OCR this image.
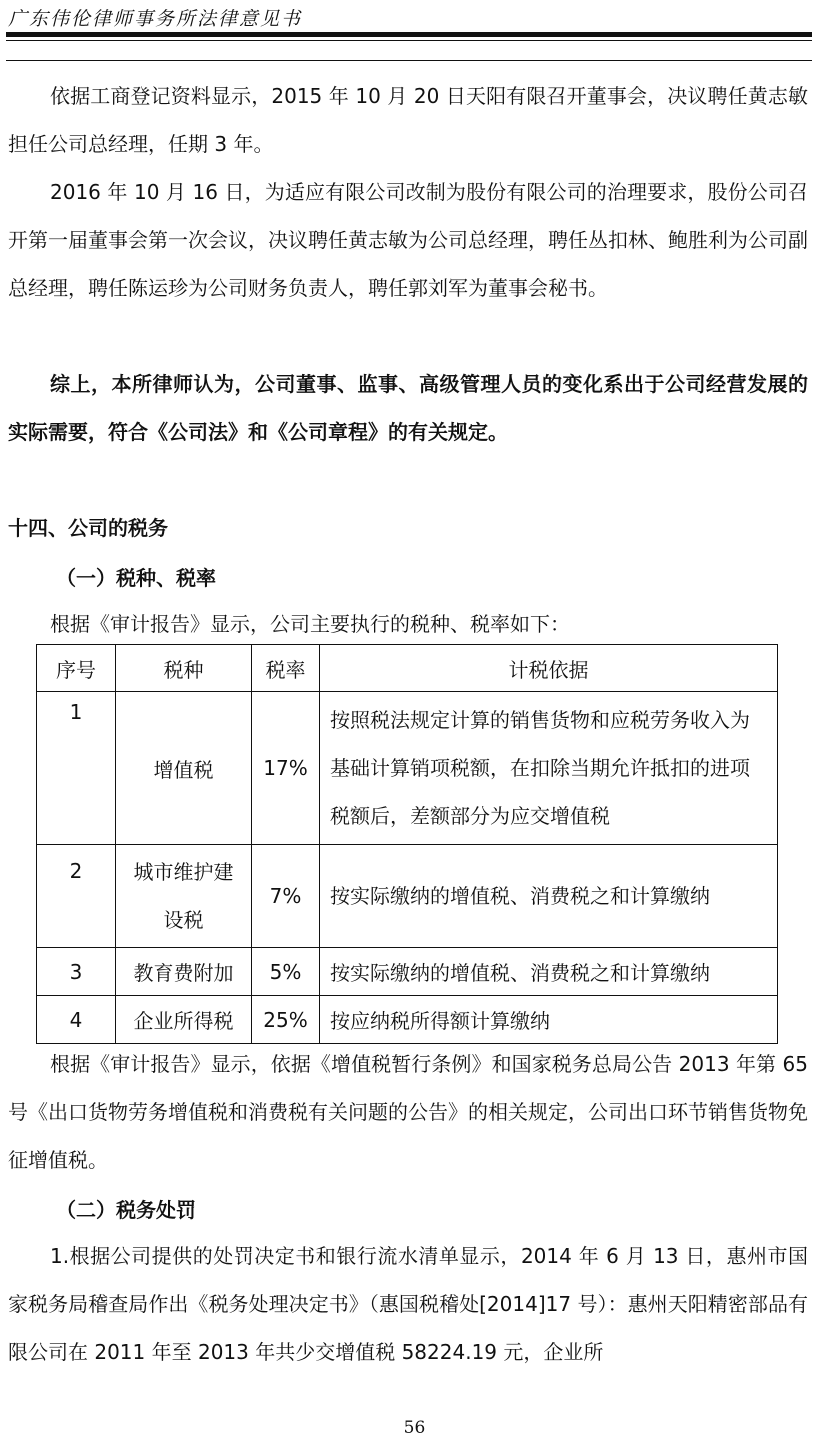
广东伟伦律师事务所法律意见书
依据工商登记资料显示，2015 年 10 月 20 日天阳有限召开董事会，决议聘任黄志敏担任公司总经理，任期 3 年。
2016 年 10 月 16 日，为适应有限公司改制为股份有限公司的治理要求，股份公司召开第一届董事会第一次会议，决议聘任黄志敏为公司总经理，聘任丛扣林、鲍胜利为公司副总经理，聘任陈运珍为公司财务负责人，聘任郭刘军为董事会秘书。
综上，本所律师认为，公司董事、监事、高级管理人员的变化系出于公司经营发展的实际需要，符合《公司法》和《公司章程》的有关规定。
十四、公司的税务
（一）税种、税率
根据《审计报告》显示，公司主要执行的税种、税率如下：
序号	税种	税率	计税依据
1	增值税	17%	按照税法规定计算的销售货物和应税劳务收入为基础计算销项税额，在扣除当期允许抵扣的进项税额后，差额部分为应交增值税
2	城市维护建设税	7%	按实际缴纳的增值税、消费税之和计算缴纳
3	教育费附加	5%	按实际缴纳的增值税、消费税之和计算缴纳
4	企业所得税	25%	按应纳税所得额计算缴纳
根据《审计报告》显示，依据《增值税暂行条例》和国家税务总局公告 2013 年第 65 号《出口货物劳务增值税和消费税有关问题的公告》的相关规定，公司出口环节销售货物免征增值税。
（二）税务处罚
1.根据公司提供的处罚决定书和银行流水清单显示，2014 年 6 月 13 日，惠州市国家税务局稽查局作出《税务处理决定书》（惠国税稽处[2014]17 号）：惠州天阳精密部品有限公司在 2011 年至 2013 年共少交增值税 58224.19 元，企业所
56
